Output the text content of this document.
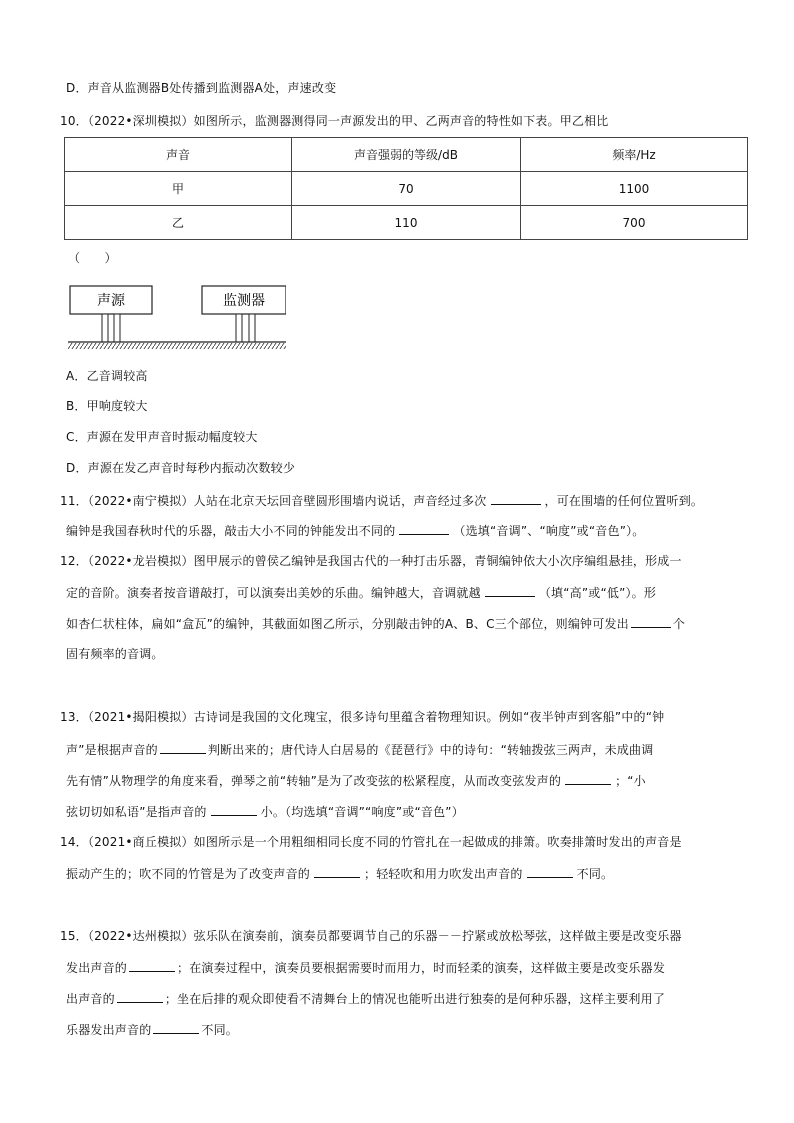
D．声音从监测器B处传播到监测器A处，声速改变
10．（2022•深圳模拟）如图所示，监测器测得同一声源发出的甲、乙两声音的特性如下表。甲乙相比
声音	声音强弱的等级/dB	频率/Hz
甲	70	1100
乙	110	700
（　　）
声源	监测器
A．乙音调较高
B．甲响度较大
C．声源在发甲声音时振动幅度较大
D．声源在发乙声音时每秒内振动次数较少
11．（2022•南宁模拟）人站在北京天坛回音壁圆形围墙内说话，声音经过多次	，可在围墙的任何位置听到。
编钟是我国春秋时代的乐器，敲击大小不同的钟能发出不同的	（选填“音调”、“响度”或“音色”）。
12．（2022•龙岩模拟）图甲展示的曾侯乙编钟是我国古代的一种打击乐器，青铜编钟依大小次序编组悬挂，形成一
定的音阶。演奏者按音谱敲打，可以演奏出美妙的乐曲。编钟越大，音调就越	（填“高”或“低”）。形
如杏仁状柱体，扁如“盒瓦”的编钟，其截面如图乙所示，分别敲击钟的A、B、C三个部位，则编钟可发出	个
固有频率的音调。
13．（2021•揭阳模拟）古诗词是我国的文化瑰宝，很多诗句里蕴含着物理知识。例如“夜半钟声到客船”中的“钟
声”是根据声音的	判断出来的；唐代诗人白居易的《琵琶行》中的诗句：“转轴拨弦三两声，未成曲调
先有情”从物理学的角度来看，弹琴之前“转轴”是为了改变弦的松紧程度，从而改变弦发声的	；“小
弦切切如私语”是指声音的	小。（均选填“音调”“响度”或“音色”）
14．（2021•商丘模拟）如图所示是一个用粗细相同长度不同的竹管扎在一起做成的排箫。吹奏排箫时发出的声音是
振动产生的；吹不同的竹管是为了改变声音的	；轻轻吹和用力吹发出声音的	不同。
15．（2022•达州模拟）弦乐队在演奏前，演奏员都要调节自己的乐器－－拧紧或放松琴弦，这样做主要是改变乐器
发出声音的	；在演奏过程中，演奏员要根据需要时而用力，时而轻柔的演奏，这样做主要是改变乐器发
出声音的	；坐在后排的观众即使看不清舞台上的情况也能听出进行独奏的是何种乐器，这样主要利用了
乐器发出声音的	不同。
